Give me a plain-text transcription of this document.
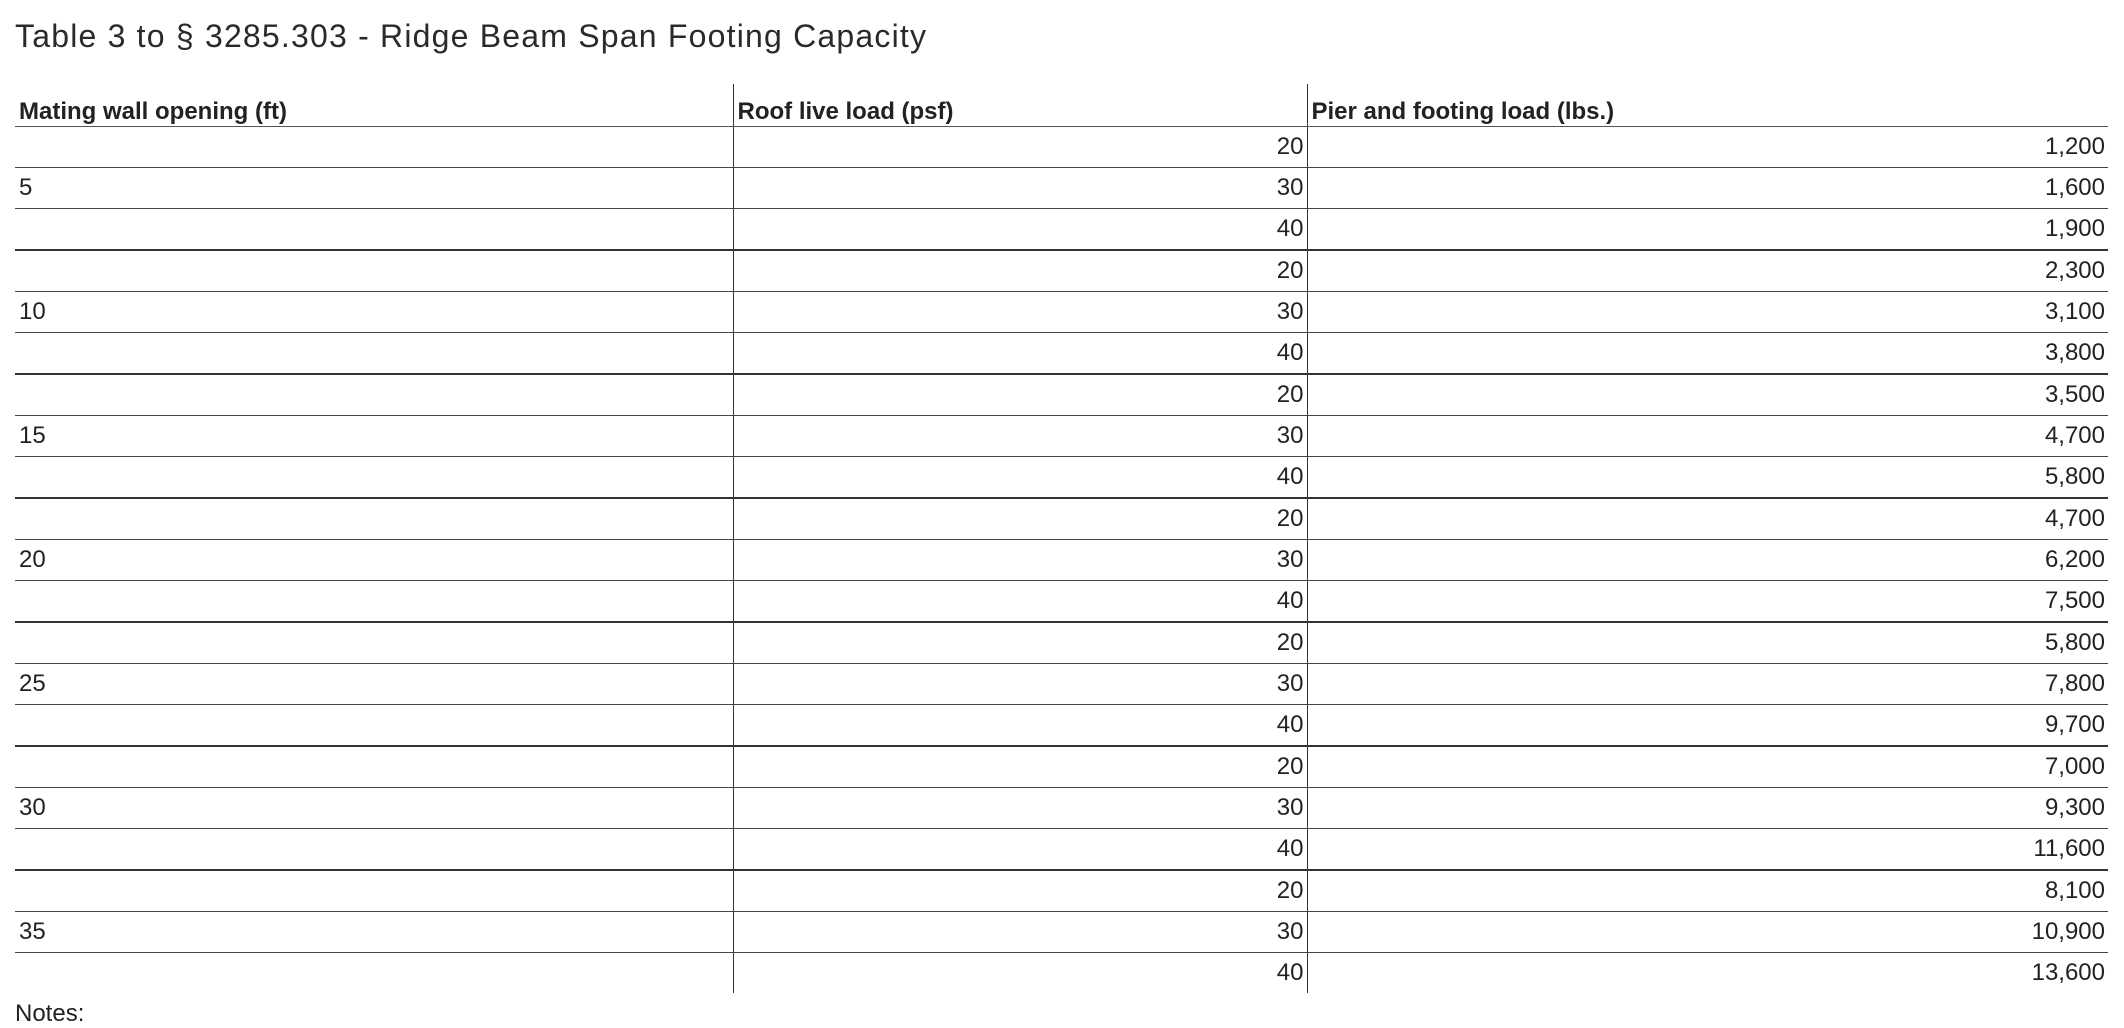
Table 3 to § 3285.303 - Ridge Beam Span Footing Capacity
Mating wall opening (ft)	Roof live load (psf)	Pier and footing load (lbs.)
	20	1,200
5	30	1,600
	40	1,900
	20	2,300
10	30	3,100
	40	3,800
	20	3,500
15	30	4,700
	40	5,800
	20	4,700
20	30	6,200
	40	7,500
	20	5,800
25	30	7,800
	40	9,700
	20	7,000
30	30	9,300
	40	11,600
	20	8,100
35	30	10,900
	40	13,600
Notes:
